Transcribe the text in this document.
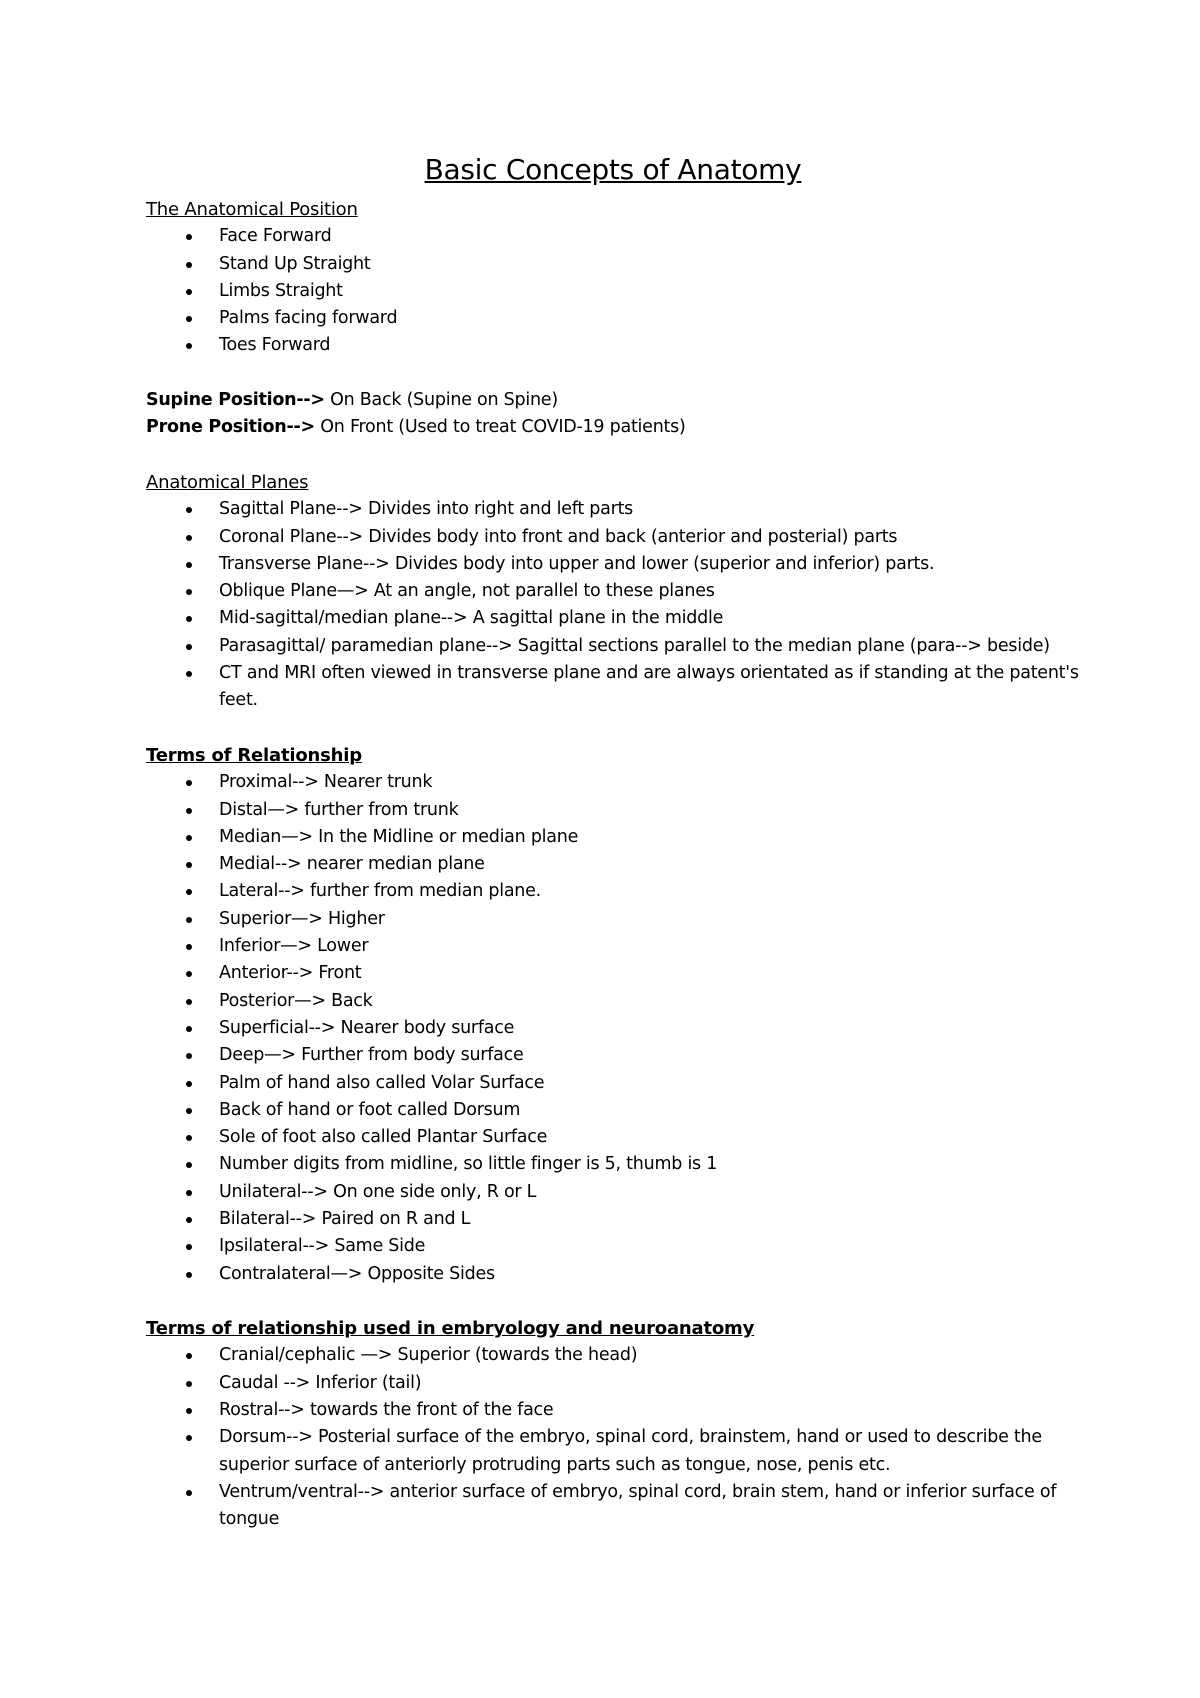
Basic Concepts of Anatomy

The Anatomical Position

Face Forward
Stand Up Straight
Limbs Straight
Palms facing forward
Toes Forward

Supine Position--> On Back (Supine on Spine)

Prone Position--> On Front (Used to treat COVID-19 patients)

Anatomical Planes

Sagittal Plane--> Divides into right and left parts
Coronal Plane--> Divides body into front and back (anterior and posterial) parts
Transverse Plane--> Divides body into upper and lower (superior and inferior) parts.
Oblique Plane—> At an angle, not parallel to these planes
Mid-sagittal/median plane--> A sagittal plane in the middle
Parasagittal/ paramedian plane--> Sagittal sections parallel to the median plane (para--> beside)
CT and MRI often viewed in transverse plane and are always orientated as if standing at the patent's feet.

Terms of Relationship

Proximal--> Nearer trunk
Distal—> further from trunk
Median—> In the Midline or median plane
Medial--> nearer median plane
Lateral--> further from median plane.
Superior—> Higher
Inferior—> Lower
Anterior--> Front
Posterior—> Back
Superficial--> Nearer body surface
Deep—> Further from body surface
Palm of hand also called Volar Surface
Back of hand or foot called Dorsum
Sole of foot also called Plantar Surface
Number digits from midline, so little finger is 5, thumb is 1
Unilateral--> On one side only, R or L
Bilateral--> Paired on R and L
Ipsilateral--> Same Side
Contralateral—> Opposite Sides

Terms of relationship used in embryology and neuroanatomy

Cranial/cephalic —> Superior (towards the head)
Caudal --> Inferior (tail)
Rostral--> towards the front of the face
Dorsum--> Posterial surface of the embryo, spinal cord, brainstem, hand or used to describe the superior surface of anteriorly protruding parts such as tongue, nose, penis etc.
Ventrum/ventral--> anterior surface of embryo, spinal cord, brain stem, hand or inferior surface of tongue
